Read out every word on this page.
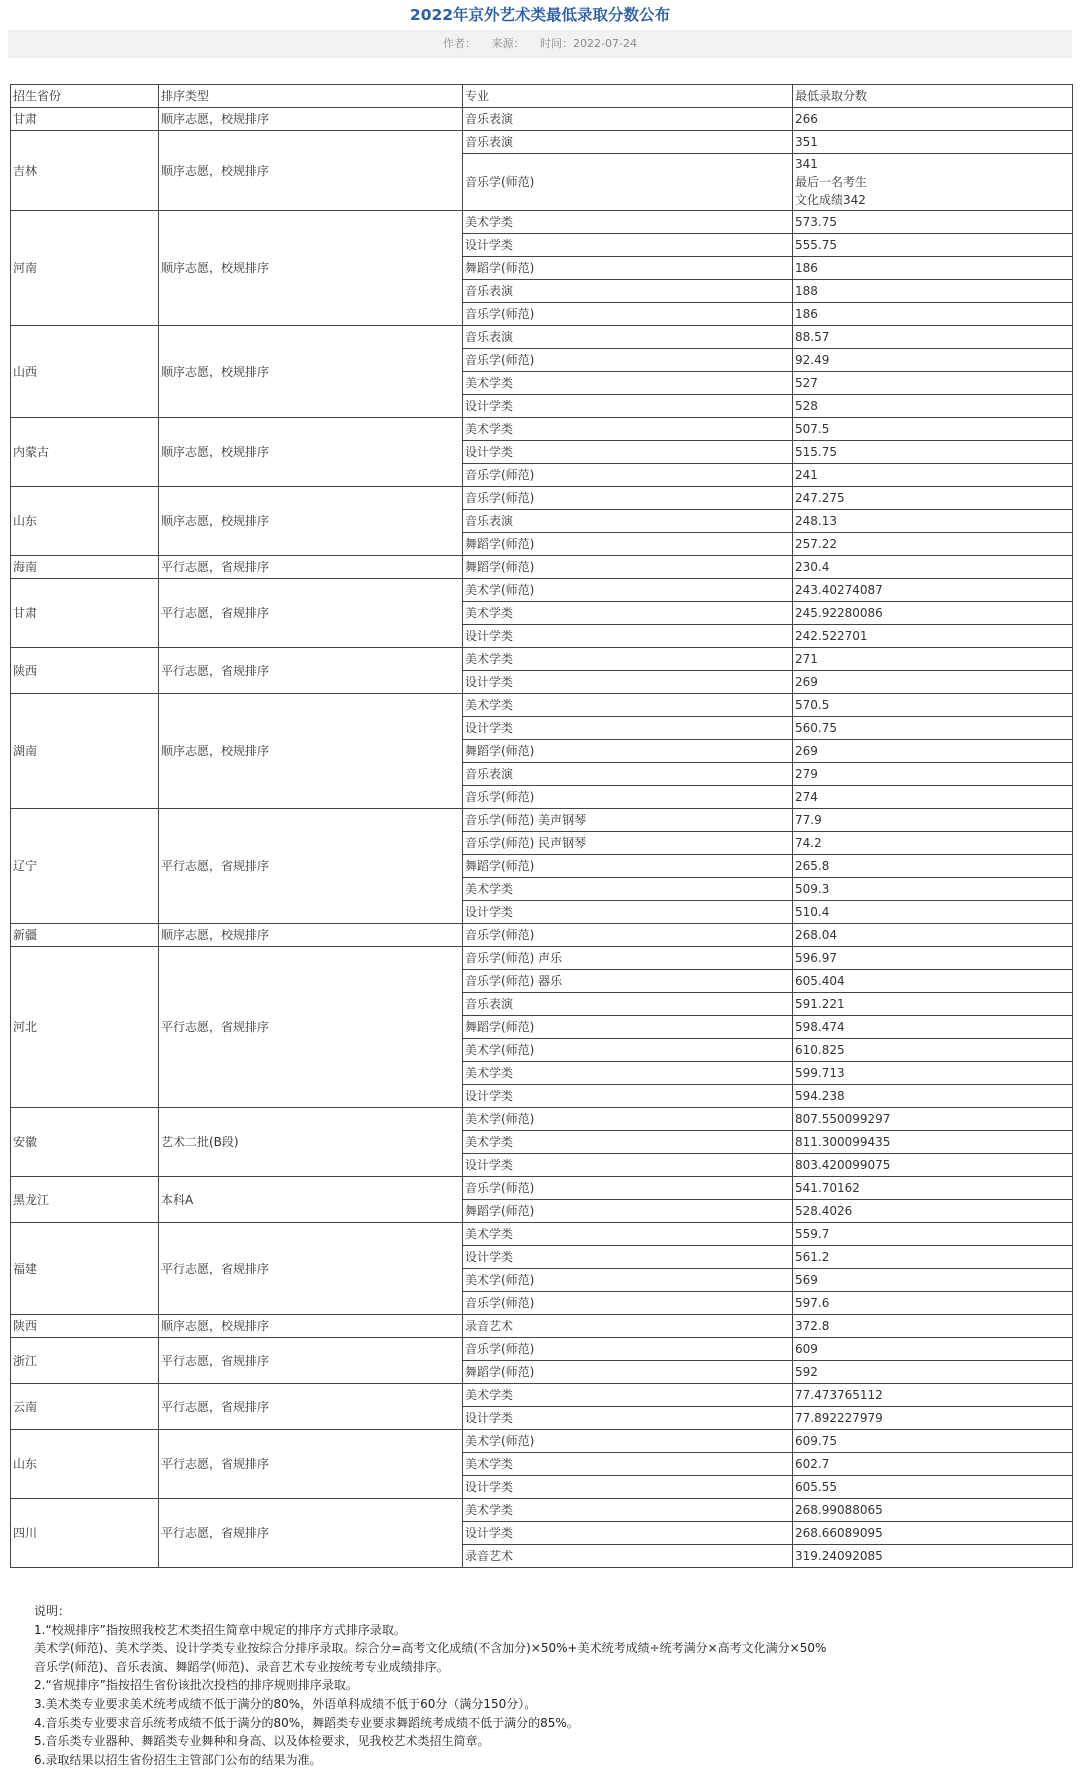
2022年京外艺术类最低录取分数公布
作者： 来源： 时间：2022-07-24
招生省份	排序类型	专业	最低录取分数
甘肃	顺序志愿，校规排序	音乐表演	266
吉林	顺序志愿，校规排序	音乐表演	351
		音乐学(师范)	341
最后一名考生
文化成绩342
河南	顺序志愿，校规排序	美术学类	573.75
		设计学类	555.75
		舞蹈学(师范)	186
		音乐表演	188
		音乐学(师范)	186
山西	顺序志愿，校规排序	音乐表演	88.57
		音乐学(师范)	92.49
		美术学类	527
		设计学类	528
内蒙古	顺序志愿，校规排序	美术学类	507.5
		设计学类	515.75
		音乐学(师范)	241
山东	顺序志愿，校规排序	音乐学(师范)	247.275
		音乐表演	248.13
		舞蹈学(师范)	257.22
海南	平行志愿，省规排序	舞蹈学(师范)	230.4
甘肃	平行志愿，省规排序	美术学(师范)	243.40274087
		美术学类	245.92280086
		设计学类	242.522701
陕西	平行志愿，省规排序	美术学类	271
		设计学类	269
湖南	顺序志愿，校规排序	美术学类	570.5
		设计学类	560.75
		舞蹈学(师范)	269
		音乐表演	279
		音乐学(师范)	274
辽宁	平行志愿，省规排序	音乐学(师范) 美声钢琴	77.9
		音乐学(师范) 民声钢琴	74.2
		舞蹈学(师范)	265.8
		美术学类	509.3
		设计学类	510.4
新疆	顺序志愿，校规排序	音乐学(师范)	268.04
河北	平行志愿，省规排序	音乐学(师范) 声乐	596.97
		音乐学(师范) 器乐	605.404
		音乐表演	591.221
		舞蹈学(师范)	598.474
		美术学(师范)	610.825
		美术学类	599.713
		设计学类	594.238
安徽	艺术二批(B段)	美术学(师范)	807.550099297
		美术学类	811.300099435
		设计学类	803.420099075
黑龙江	本科A	音乐学(师范)	541.70162
		舞蹈学(师范)	528.4026
福建	平行志愿，省规排序	美术学类	559.7
		设计学类	561.2
		美术学(师范)	569
		音乐学(师范)	597.6
陕西	顺序志愿，校规排序	录音艺术	372.8
浙江	平行志愿，省规排序	音乐学(师范)	609
		舞蹈学(师范)	592
云南	平行志愿，省规排序	美术学类	77.473765112
		设计学类	77.892227979
山东	平行志愿，省规排序	美术学(师范)	609.75
		美术学类	602.7
		设计学类	605.55
四川	平行志愿，省规排序	美术学类	268.99088065
		设计学类	268.66089095
		录音艺术	319.24092085
说明：
1.“校规排序”指按照我校艺术类招生简章中规定的排序方式排序录取。
美术学(师范)、美术学类、设计学类专业按综合分排序录取。综合分=高考文化成绩(不含加分)×50%+美术统考成绩÷统考满分×高考文化满分×50%
音乐学(师范)、音乐表演、舞蹈学(师范)、录音艺术专业按统考专业成绩排序。
2.“省规排序”指按招生省份该批次投档的排序规则排序录取。
3.美术类专业要求美术统考成绩不低于满分的80%，外语单科成绩不低于60分（满分150分）。
4.音乐类专业要求音乐统考成绩不低于满分的80%，舞蹈类专业要求舞蹈统考成绩不低于满分的85%。
5.音乐类专业器种、舞蹈类专业舞种和身高、以及体检要求，见我校艺术类招生简章。
6.录取结果以招生省份招生主管部门公布的结果为准。
